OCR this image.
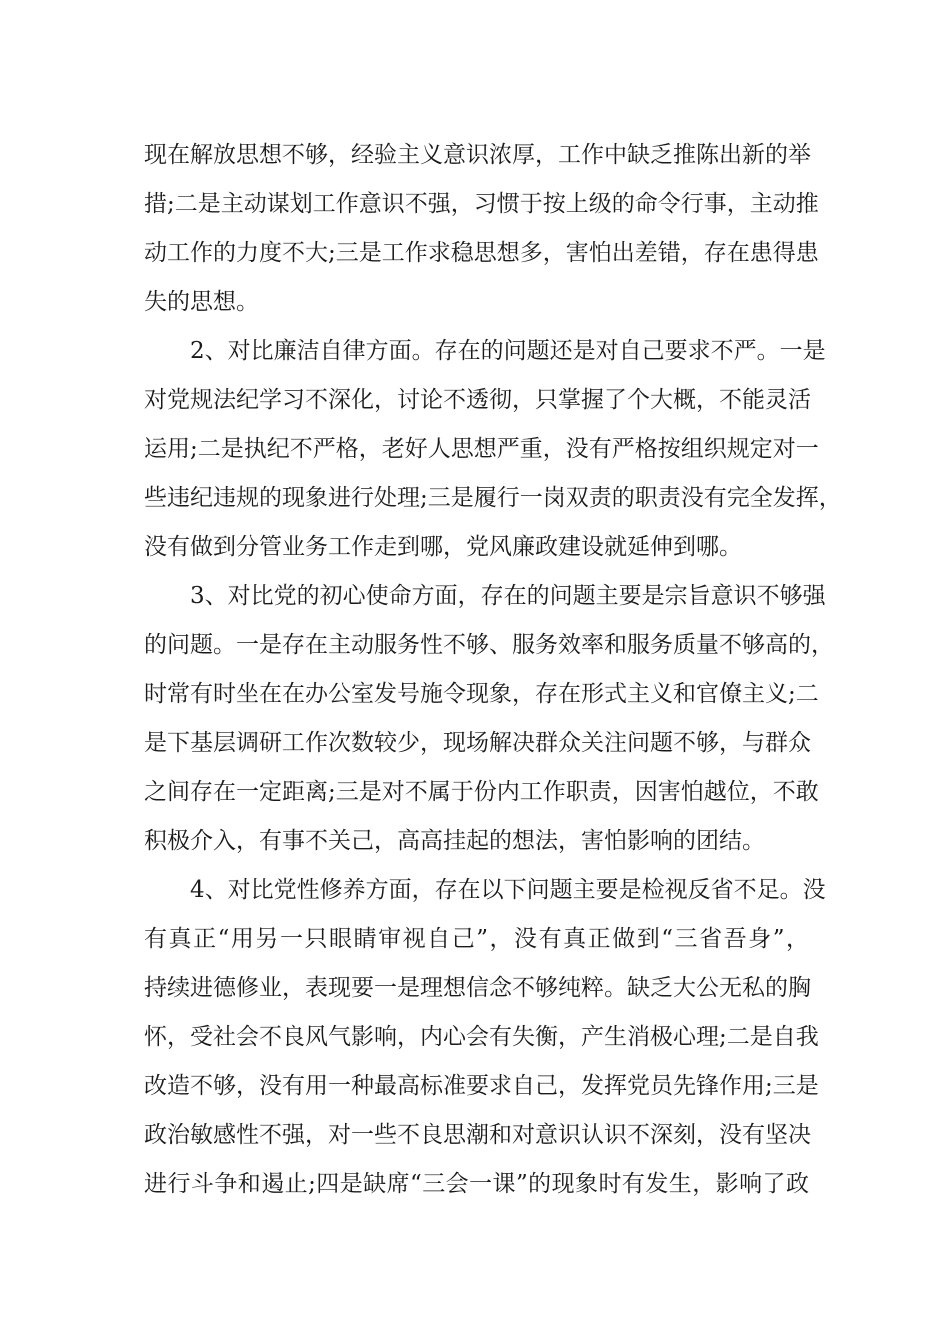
现在解放思想不够，经验主义意识浓厚，工作中缺乏推陈出新的举
措;二是主动谋划工作意识不强，习惯于按上级的命令行事，主动推
动工作的力度不大;三是工作求稳思想多，害怕出差错，存在患得患
失的思想。
2、对比廉洁自律方面。存在的问题还是对自己要求不严。一是
对党规法纪学习不深化，讨论不透彻，只掌握了个大概，不能灵活
运用;二是执纪不严格，老好人思想严重，没有严格按组织规定对一
些违纪违规的现象进行处理;三是履行一岗双责的职责没有完全发挥，
没有做到分管业务工作走到哪，党风廉政建设就延伸到哪。
3、对比党的初心使命方面，存在的问题主要是宗旨意识不够强
的问题。一是存在主动服务性不够、服务效率和服务质量不够高的，
时常有时坐在在办公室发号施令现象，存在形式主义和官僚主义;二
是下基层调研工作次数较少，现场解决群众关注问题不够，与群众
之间存在一定距离;三是对不属于份内工作职责，因害怕越位，不敢
积极介入，有事不关己，高高挂起的想法，害怕影响的团结。
4、对比党性修养方面，存在以下问题主要是检视反省不足。没
有真正“用另一只眼睛审视自己”，没有真正做到“三省吾身”，
持续进德修业，表现要一是理想信念不够纯粹。缺乏大公无私的胸
怀，受社会不良风气影响，内心会有失衡，产生消极心理;二是自我
改造不够，没有用一种最高标准要求自己，发挥党员先锋作用;三是
政治敏感性不强，对一些不良思潮和对意识认识不深刻，没有坚决
进行斗争和遏止;四是缺席“三会一课”的现象时有发生，影响了政
